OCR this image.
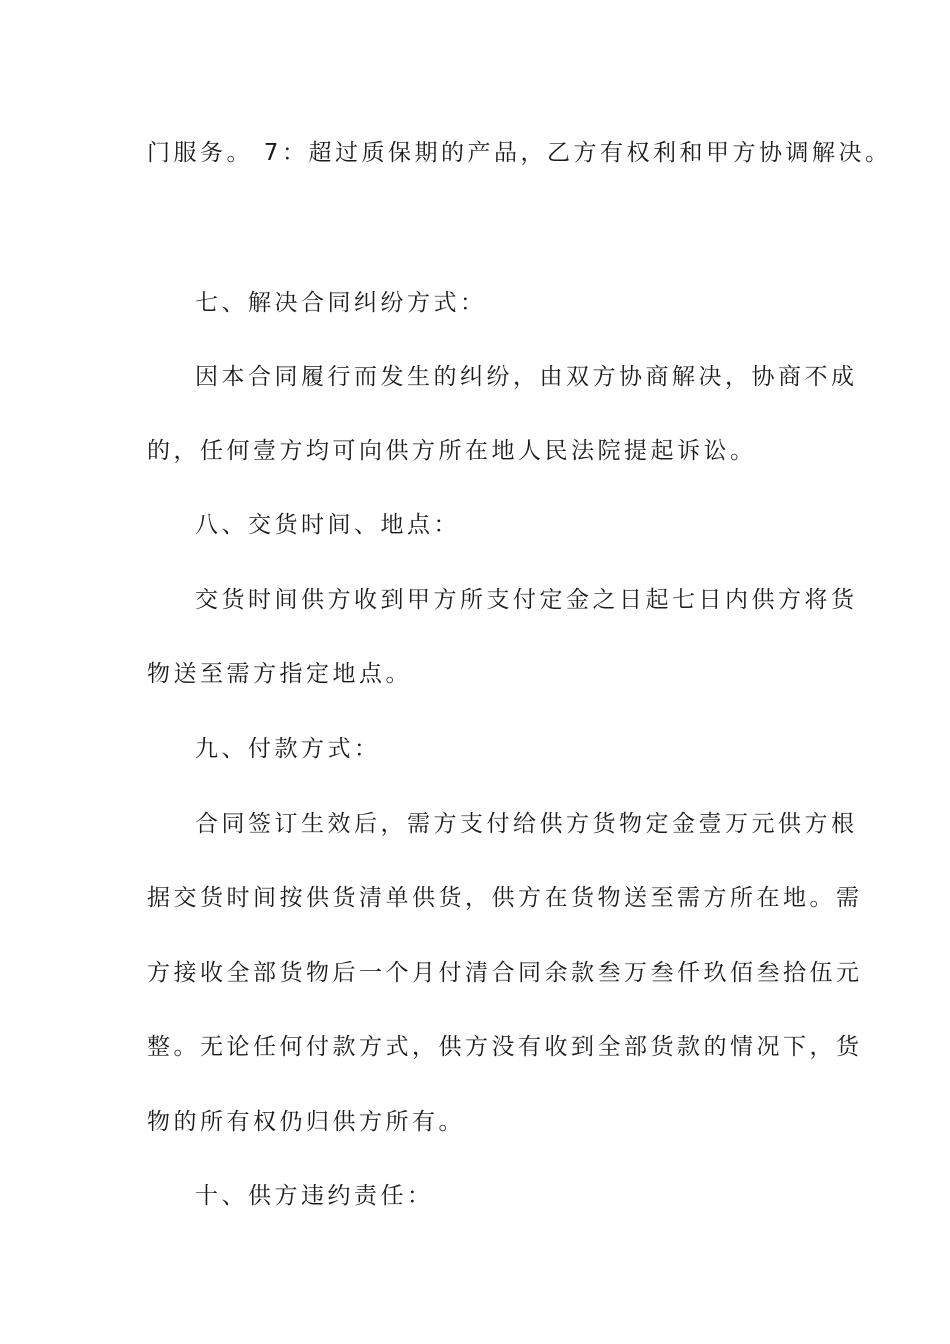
门服务。 7：超过质保期的产品，乙方有权利和甲方协调解决。
七、解决合同纠纷方式：
因本合同履行而发生的纠纷，由双方协商解决，协商不成
的，任何壹方均可向供方所在地人民法院提起诉讼。
八、交货时间、地点：
交货时间供方收到甲方所支付定金之日起七日内供方将货
物送至需方指定地点。
九、付款方式：
合同签订生效后，需方支付给供方货物定金壹万元供方根
据交货时间按供货清单供货，供方在货物送至需方所在地。需
方接收全部货物后一个月付清合同余款叁万叁仟玖佰叁拾伍元
整。无论任何付款方式，供方没有收到全部货款的情况下，货
物的所有权仍归供方所有。
十、供方违约责任：
